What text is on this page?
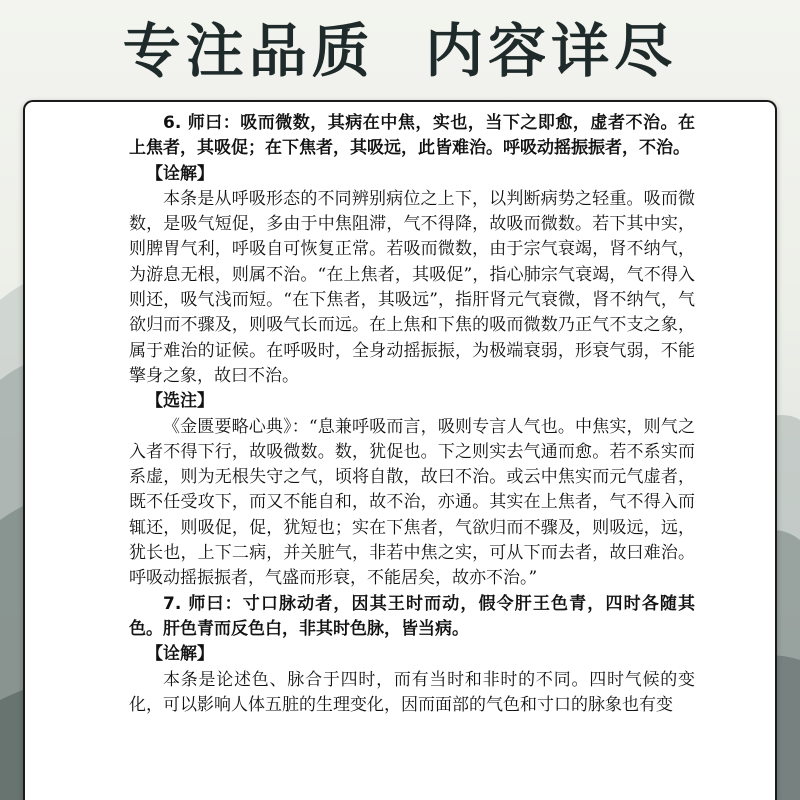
专注品质  内容详尽

6. 师曰：吸而微数，其病在中焦，实也，当下之即愈，虚者不治。在上焦者，其吸促；在下焦者，其吸远，此皆难治。呼吸动摇振振者，不治。

【诠解】

本条是从呼吸形态的不同辨别病位之上下，以判断病势之轻重。吸而微数，是吸气短促，多由于中焦阻滞，气不得降，故吸而微数。若下其中实，则脾胃气利，呼吸自可恢复正常。若吸而微数，由于宗气衰竭，肾不纳气，为游息无根，则属不治。“在上焦者，其吸促”，指心肺宗气衰竭，气不得入则还，吸气浅而短。“在下焦者，其吸远”，指肝肾元气衰微，肾不纳气，气欲归而不骤及，则吸气长而远。在上焦和下焦的吸而微数乃正气不支之象，属于难治的证候。在呼吸时，全身动摇振振，为极端衰弱，形衰气弱，不能擎身之象，故曰不治。

【选注】

《金匮要略心典》：“息兼呼吸而言，吸则专言人气也。中焦实，则气之入者不得下行，故吸微数。数，犹促也。下之则实去气通而愈。若不系实而系虚，则为无根失守之气，顷将自散，故曰不治。或云中焦实而元气虚者，既不任受攻下，而又不能自和，故不治，亦通。其实在上焦者，气不得入而辄还，则吸促，促，犹短也；实在下焦者，气欲归而不骤及，则吸远，远，犹长也，上下二病，并关脏气，非若中焦之实，可从下而去者，故曰难治。呼吸动摇振振者，气盛而形衰，不能居矣，故亦不治。”

7. 师曰：寸口脉动者，因其王时而动，假令肝王色青，四时各随其色。肝色青而反色白，非其时色脉，皆当病。

【诠解】

本条是论述色、脉合于四时，而有当时和非时的不同。四时气候的变化，可以影响人体五脏的生理变化，因而面部的气色和寸口的脉象也有变
